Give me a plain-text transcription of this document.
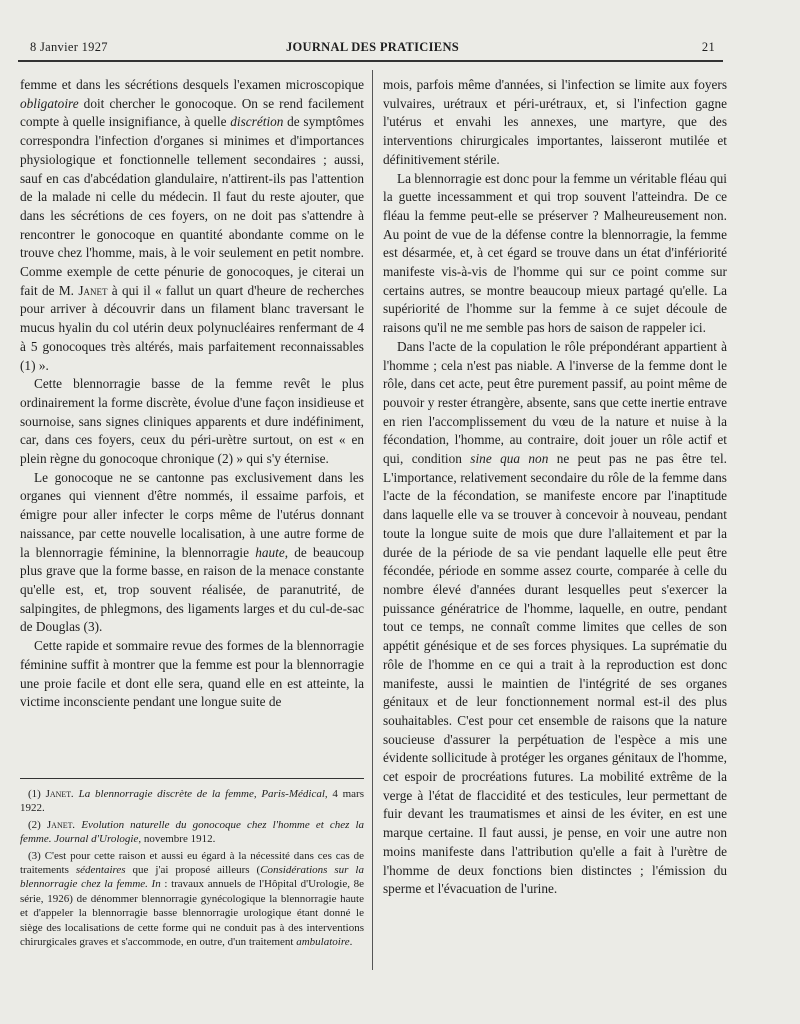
8 Janvier 1927	JOURNAL DES PRATICIENS	21

femme et dans les sécrétions desquels l'examen microscopique obligatoire doit chercher le gonocoque. On se rend facilement compte à quelle insignifiance, à quelle discrétion de symptômes correspondra l'infection d'organes si minimes et d'importances physiologique et fonctionnelle tellement secondaires ; aussi, sauf en cas d'abcédation glandulaire, n'attirent-ils pas l'attention de la malade ni celle du médecin. Il faut du reste ajouter, que dans les sécrétions de ces foyers, on ne doit pas s'attendre à rencontrer le gonocoque en quantité abondante comme on le trouve chez l'homme, mais, à le voir seulement en petit nombre. Comme exemple de cette pénurie de gonocoques, je citerai un fait de M. Janet à qui il « fallut un quart d'heure de recherches pour arriver à découvrir dans un filament blanc traversant le mucus hyalin du col utérin deux polynucléaires renfermant de 4 à 5 gonocoques très altérés, mais parfaitement reconnaissables (1) ».

Cette blennorragie basse de la femme revêt le plus ordinairement la forme discrète, évolue d'une façon insidieuse et sournoise, sans signes cliniques apparents et dure indéfiniment, car, dans ces foyers, ceux du péri-urètre surtout, on est « en plein règne du gonocoque chronique (2) » qui s'y éternise.

Le gonocoque ne se cantonne pas exclusivement dans les organes qui viennent d'être nommés, il essaime parfois, et émigre pour aller infecter le corps même de l'utérus donnant naissance, par cette nouvelle localisation, à une autre forme de la blennorragie féminine, la blennorragie haute, de beaucoup plus grave que la forme basse, en raison de la menace constante qu'elle est, et, trop souvent réalisée, de paranutrité, de salpingites, de phlegmons, des ligaments larges et du cul-de-sac de Douglas (3).

Cette rapide et sommaire revue des formes de la blennorragie féminine suffit à montrer que la femme est pour la blennorragie une proie facile et dont elle sera, quand elle en est atteinte, la victime inconsciente pendant une longue suite de

(1) Janet. La blennorragie discrète de la femme, Paris-Médical, 4 mars 1922.

(2) Janet. Evolution naturelle du gonocoque chez l'homme et chez la femme. Journal d'Urologie, novembre 1912.

(3) C'est pour cette raison et aussi eu égard à la nécessité dans ces cas de traitements sédentaires que j'ai proposé ailleurs (Considérations sur la blennorragie chez la femme. In : travaux annuels de l'Hôpital d'Urologie, 8e série, 1926) de dénommer blennorragie gynécologique la blennorragie haute et d'appeler la blennorragie basse blennorragie urologique étant donné le siège des localisations de cette forme qui ne conduit pas à des interventions chirurgicales graves et s'accommode, en outre, d'un traitement ambulatoire.

mois, parfois même d'années, si l'infection se limite aux foyers vulvaires, urétraux et péri-urétraux, et, si l'infection gagne l'utérus et envahi les annexes, une martyre, que des interventions chirurgicales importantes, laisseront mutilée et définitivement stérile.

La blennorragie est donc pour la femme un véritable fléau qui la guette incessamment et qui trop souvent l'atteindra. De ce fléau la femme peut-elle se préserver ? Malheureusement non. Au point de vue de la défense contre la blennorragie, la femme est désarmée, et, à cet égard se trouve dans un état d'infériorité manifeste vis-à-vis de l'homme qui sur ce point comme sur certains autres, se montre beaucoup mieux partagé qu'elle. La supériorité de l'homme sur la femme à ce sujet découle de raisons qu'il ne me semble pas hors de saison de rappeler ici.

Dans l'acte de la copulation le rôle prépondérant appartient à l'homme ; cela n'est pas niable. A l'inverse de la femme dont le rôle, dans cet acte, peut être purement passif, au point même de pouvoir y rester étrangère, absente, sans que cette inertie entrave en rien l'accomplissement du vœu de la nature et nuise à la fécondation, l'homme, au contraire, doit jouer un rôle actif et qui, condition sine qua non ne peut pas ne pas être tel. L'importance, relativement secondaire du rôle de la femme dans l'acte de la fécondation, se manifeste encore par l'inaptitude dans laquelle elle va se trouver à concevoir à nouveau, pendant toute la longue suite de mois que dure l'allaitement et par la durée de la période de sa vie pendant laquelle elle peut être fécondée, période en somme assez courte, comparée à celle du nombre élevé d'années durant lesquelles peut s'exercer la puissance génératrice de l'homme, laquelle, en outre, pendant tout ce temps, ne connaît comme limites que celles de son appétit génésique et de ses forces physiques. La suprématie du rôle de l'homme en ce qui a trait à la reproduction est donc manifeste, aussi le maintien de l'intégrité de ses organes génitaux et de leur fonctionnement normal est-il des plus souhaitables. C'est pour cet ensemble de raisons que la nature soucieuse d'assurer la perpétuation de l'espèce a mis une évidente sollicitude à protéger les organes génitaux de l'homme, cet espoir de procréations futures. La mobilité extrême de la verge à l'état de flaccidité et des testicules, leur permettant de fuir devant les traumatismes et ainsi de les éviter, en est une marque certaine. Il faut aussi, je pense, en voir une autre non moins manifeste dans l'attribution qu'elle a fait à l'urètre de l'homme de deux fonctions bien distinctes ; l'émission du sperme et l'évacuation de l'urine.
